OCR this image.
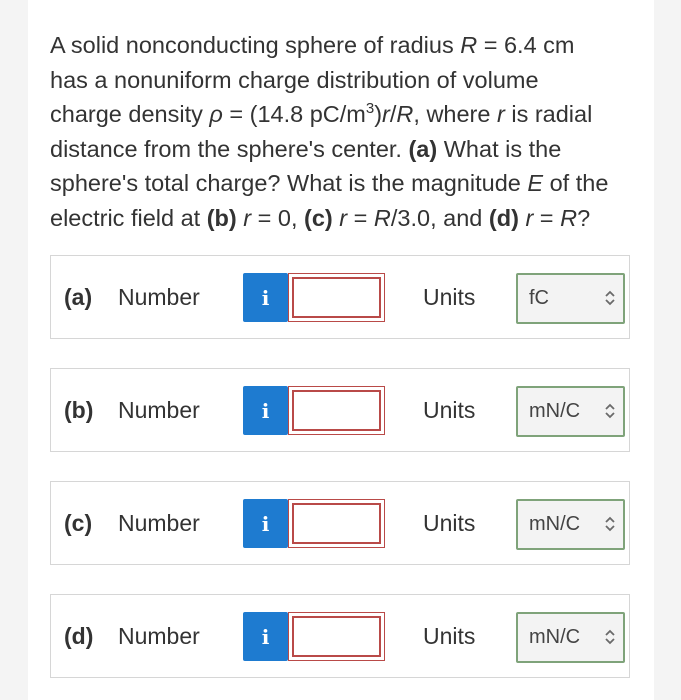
A solid nonconducting sphere of radius R = 6.4 cm
has a nonuniform charge distribution of volume
charge density ρ = (14.8 $pC/m^3)r/R$, where r is radial
distance from the sphere's center. (a) What is the
sphere's total charge? What is the magnitude E of the
electric field at (b) r = 0, (c) r = R/3.0, and (d) r = R?
(a) Number	i	Units	fC
(b) Number	i	Units	mN/C
(c) Number	i	Units	mN/C
(d) Number	i	Units	mN/C
